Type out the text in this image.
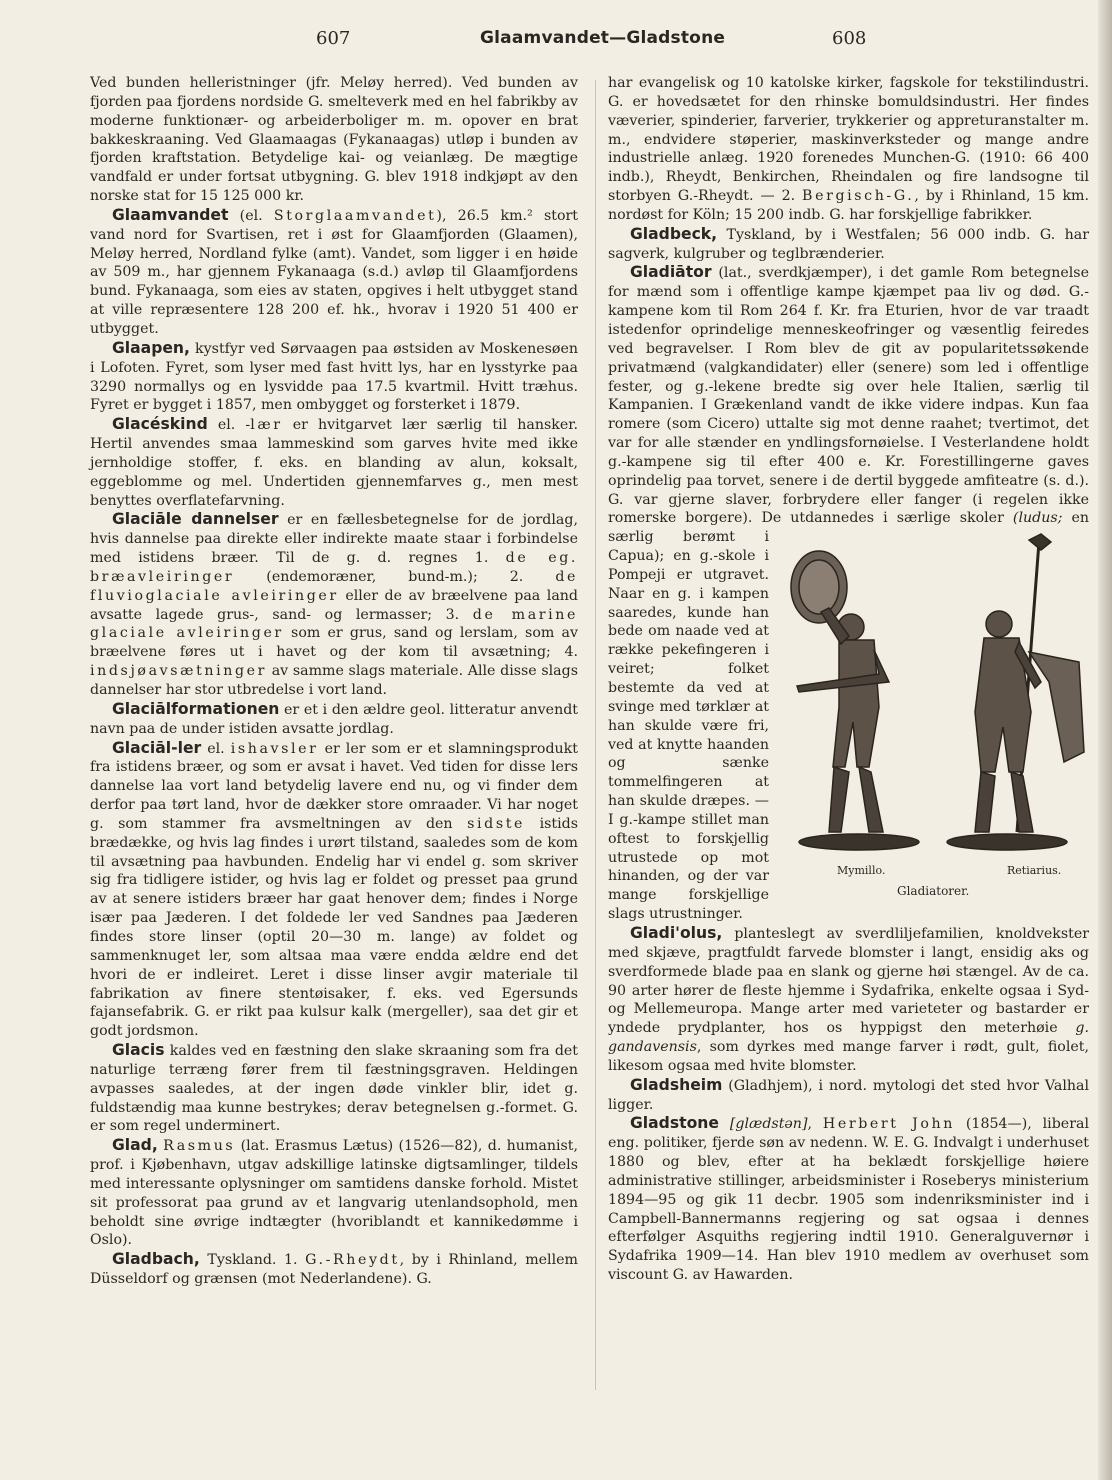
607	Glaamvandet—Gladstone	608

Ved bunden helleristninger (jfr. Meløy herred). Ved bunden av fjorden paa fjordens nordside G. smelteverk med en hel fabrikby av moderne funktionær- og arbeiderboliger m. m. opover en brat bakkeskraaning. Ved Glaamaagas (Fykanaagas) utløp i bunden av fjorden kraftstation. Betydelige kai- og veianlæg. De mægtige vandfald er under fortsat utbygning. G. blev 1918 indkjøpt av den norske stat for 15 125 000 kr.

Glaamvandet (el. Storglaamvandet), 26.5 km.² stort vand nord for Svartisen, ret i øst for Glaamfjorden (Glaamen), Meløy herred, Nordland fylke (amt). Vandet, som ligger i en høide av 509 m., har gjennem Fykanaaga (s.d.) avløp til Glaamfjordens bund. Fykanaaga, som eies av staten, opgives i helt utbygget stand at ville repræsentere 128 200 ef. hk., hvorav i 1920 51 400 er utbygget.

Glaapen, kystfyr ved Sørvaagen paa østsiden av Moskenesøen i Lofoten. Fyret, som lyser med fast hvitt lys, har en lysstyrke paa 3290 normallys og en lysvidde paa 17.5 kvartmil. Hvitt træhus. Fyret er bygget i 1857, men ombygget og forsterket i 1879.

Glacéskind el. -lær er hvitgarvet lær særlig til hansker. Hertil anvendes smaa lammeskind som garves hvite med ikke jernholdige stoffer, f. eks. en blanding av alun, koksalt, eggeblomme og mel. Undertiden gjennemfarves g., men mest benyttes overflatefarvning.

Glaciāle dannelser er en fællesbetegnelse for de jordlag, hvis dannelse paa direkte eller indirekte maate staar i forbindelse med istidens bræer. Til de g. d. regnes 1. de eg. bræavleiringer (endemoræner, bund-m.); 2. de fluvioglaciale avleiringer eller de av bræelvene paa land avsatte lagede grus-, sand- og lermasser; 3. de marine glaciale avleiringer som er grus, sand og lerslam, som av bræelvene føres ut i havet og der kom til avsætning; 4. indsjøavsætninger av samme slags materiale. Alle disse slags dannelser har stor utbredelse i vort land.

Glaciālformationen er et i den ældre geol. litteratur anvendt navn paa de under istiden avsatte jordlag.

Glaciāl-ler el. ishavsler er ler som er et slamningsprodukt fra istidens bræer, og som er avsat i havet. Ved tiden for disse lers dannelse laa vort land betydelig lavere end nu, og vi finder dem derfor paa tørt land, hvor de dækker store omraader. Vi har noget g. som stammer fra avsmeltningen av den sidste istids brædække, og hvis lag findes i urørt tilstand, saaledes som de kom til avsætning paa havbunden. Endelig har vi endel g. som skriver sig fra tidligere istider, og hvis lag er foldet og presset paa grund av at senere istiders bræer har gaat henover dem; findes i Norge især paa Jæderen. I det foldede ler ved Sandnes paa Jæderen findes store linser (optil 20—30 m. lange) av foldet og sammenknuget ler, som altsaa maa være endda ældre end det hvori de er indleiret. Leret i disse linser avgir materiale til fabrikation av finere stentøisaker, f. eks. ved Egersunds fajansefabrik. G. er rikt paa kulsur kalk (mergeller), saa det gir et godt jordsmon.

Glacis kaldes ved en fæstning den slake skraaning som fra det naturlige terræng fører frem til fæstningsgraven. Heldingen avpasses saaledes, at der ingen døde vinkler blir, idet g. fuldstændig maa kunne bestrykes; derav betegnelsen g.-formet. G. er som regel underminert.

Glad, Rasmus (lat. Erasmus Lætus) (1526—82), d. humanist, prof. i Kjøbenhavn, utgav adskillige latinske digtsamlinger, tildels med interessante oplysninger om samtidens danske forhold. Mistet sit professorat paa grund av et langvarig utenlandsophold, men beholdt sine øvrige indtægter (hvoriblandt et kannikedømme i Oslo).

Gladbach, Tyskland. 1. G.-Rheydt, by i Rhinland, mellem Düsseldorf og grænsen (mot Nederlandene). G.

har evangelisk og 10 katolske kirker, fagskole for tekstilindustri. G. er hovedsætet for den rhinske bomuldsindustri. Her findes væverier, spinderier, farverier, trykkerier og appreturanstalter m. m., endvidere støperier, maskinverksteder og mange andre industrielle anlæg. 1920 forenedes Munchen-G. (1910: 66 400 indb.), Rheydt, Benkirchen, Rheindalen og fire landsogne til storbyen G.-Rheydt. — 2. Bergisch-G., by i Rhinland, 15 km. nordøst for Köln; 15 200 indb. G. har forskjellige fabrikker.

Gladbeck, Tyskland, by i Westfalen; 56 000 indb. G. har sagverk, kulgruber og teglbrænderier.

Gladiātor (lat., sverdkjæmper), i det gamle Rom betegnelse for mænd som i offentlige kampe kjæmpet paa liv og død. G.-kampene kom til Rom 264 f. Kr. fra Eturien, hvor de var traadt istedenfor oprindelige menneskeofringer og væsentlig feiredes ved begravelser. I Rom blev de git av popularitetssøkende privatmænd (valgkandidater) eller (senere) som led i offentlige fester, og g.-lekene bredte sig over hele Italien, særlig til Kampanien. I Grækenland vandt de ikke videre indpas. Kun faa romere (som Cicero) uttalte sig mot denne raahet; tvertimot, det var for alle stænder en yndlingsfornøielse. I Vesterlandene holdt g.-kampene sig til efter 400 e. Kr. Forestillingerne gaves oprindelig paa torvet, senere i de dertil byggede amfiteatre (s. d.). G. var gjerne slaver, forbrydere eller fanger (i regelen ikke romerske borgere). De utdannedes i særlige skoler
Mymillo.	Retiarius.
Gladiatorer.
(ludus; en særlig berømt i Capua); en g.-skole i Pompeji er utgravet. Naar en g. i kampen saaredes, kunde han bede om naade ved at række pekefingeren i veiret; folket bestemte da ved at svinge med tørklær at han skulde være fri, ved at knytte haanden og sænke tommelfingeren at han skulde dræpes. — I g.-kampe stillet man oftest to forskjellig utrustede op mot hinanden, og der var mange forskjellige slags utrustninger.

Gladi'olus, planteslegt av sverdliljefamilien, knoldvekster med skjæve, pragtfuldt farvede blomster i langt, ensidig aks og sverdformede blade paa en slank og gjerne høi stængel. Av de ca. 90 arter hører de fleste hjemme i Sydafrika, enkelte ogsaa i Syd- og Mellemeuropa. Mange arter med varieteter og bastarder er yndede prydplanter, hos os hyppigst den meterhøie g. gandavensis, som dyrkes med mange farver i rødt, gult, fiolet, likesom ogsaa med hvite blomster.

Gladsheim (Gladhjem), i nord. mytologi det sted hvor Valhal ligger.

Gladstone [glædstən], Herbert John (1854—), liberal eng. politiker, fjerde søn av nedenn. W. E. G. Indvalgt i underhuset 1880 og blev, efter at ha beklædt forskjellige høiere administrative stillinger, arbeidsminister i Roseberys ministerium 1894—95 og gik 11 decbr. 1905 som indenriksminister ind i Campbell-Bannermanns regjering og sat ogsaa i dennes efterfølger Asquiths regjering indtil 1910. Generalguvernør i Sydafrika 1909—14. Han blev 1910 medlem av overhuset som viscount G. av Hawarden.
